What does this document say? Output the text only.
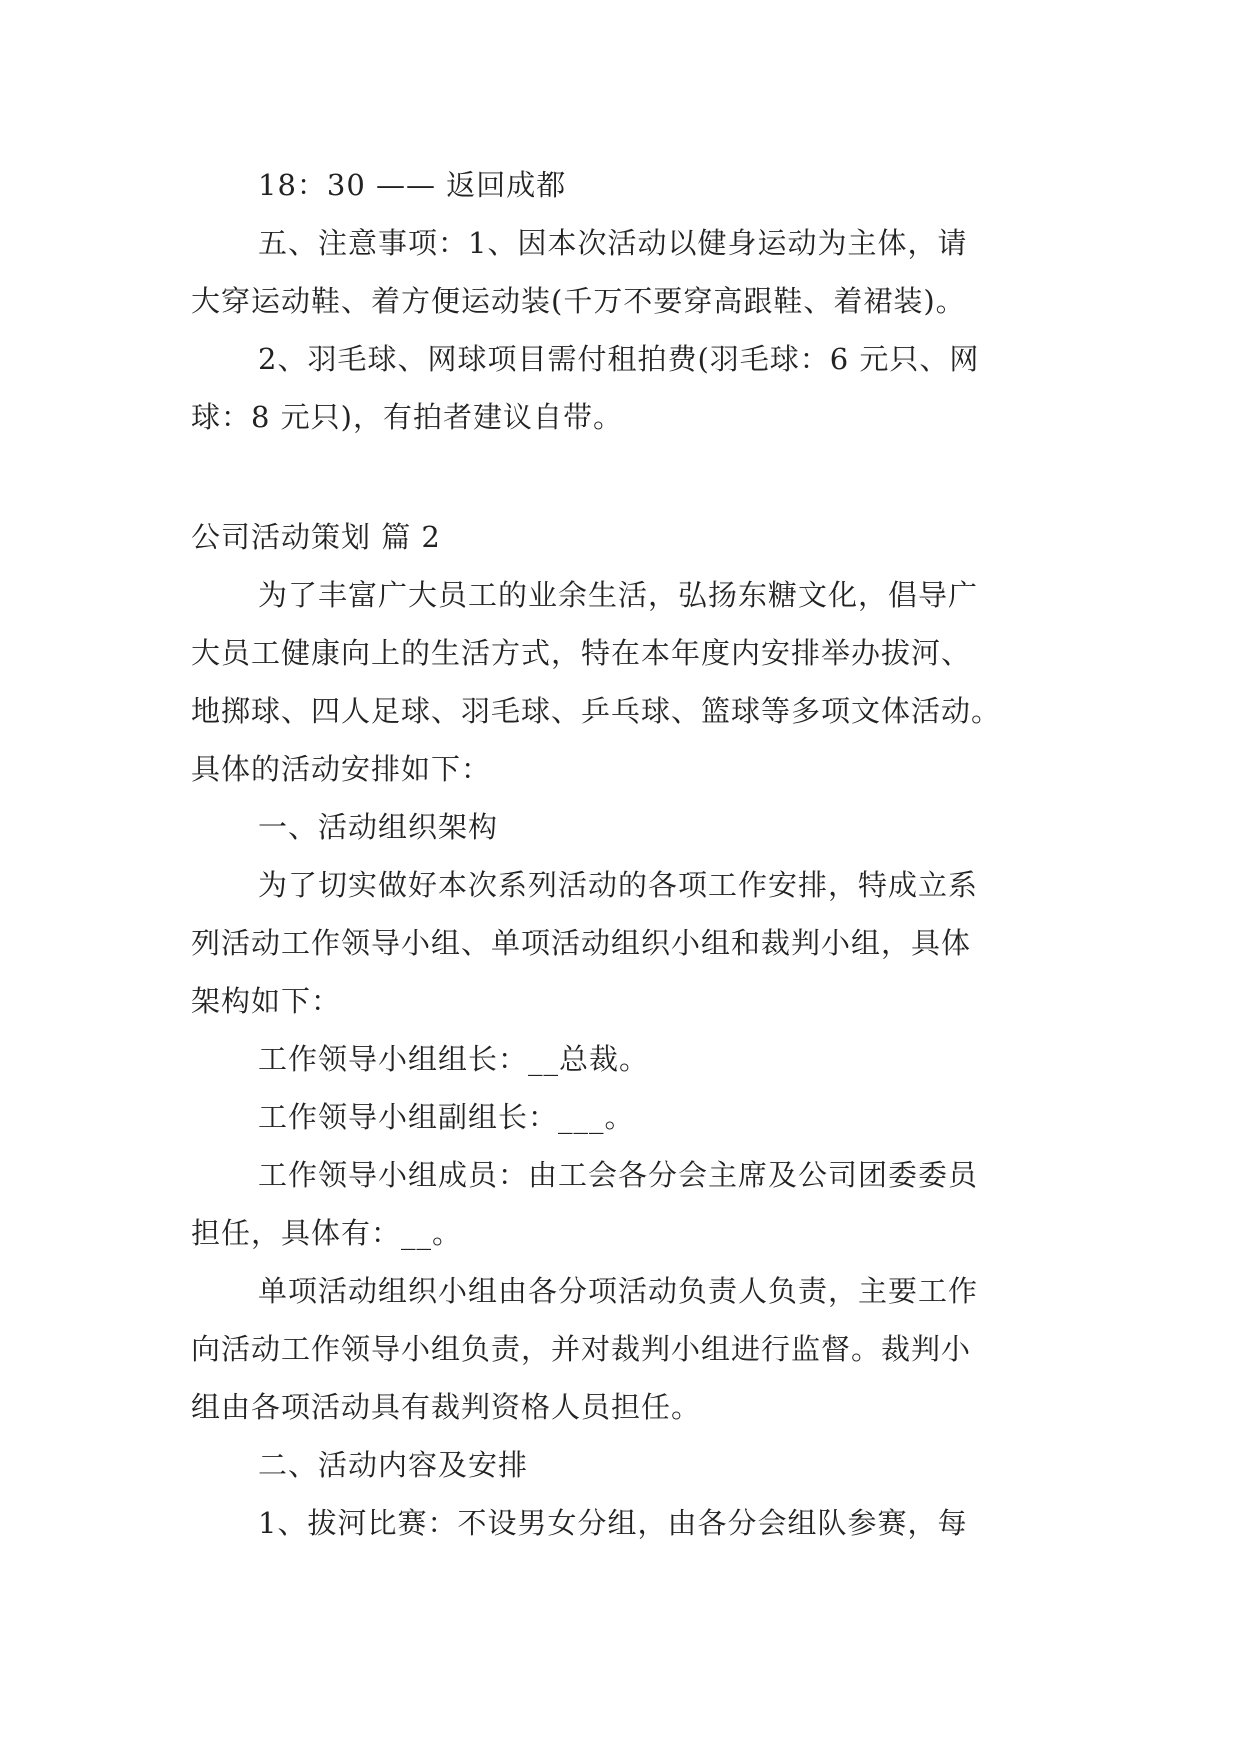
18：30 —— 返回成都

五、注意事项：1、因本次活动以健身运动为主体，请

大穿运动鞋、着方便运动装(千万不要穿高跟鞋、着裙装)。

2、羽毛球、网球项目需付租拍费(羽毛球：6 元只、网

球：8 元只)，有拍者建议自带。

公司活动策划 篇 2

为了丰富广大员工的业余生活，弘扬东糖文化，倡导广

大员工健康向上的生活方式，特在本年度内安排举办拔河、

地掷球、四人足球、羽毛球、乒乓球、篮球等多项文体活动。

具体的活动安排如下：

一、活动组织架构

为了切实做好本次系列活动的各项工作安排，特成立系

列活动工作领导小组、单项活动组织小组和裁判小组，具体

架构如下：

工作领导小组组长：__总裁。

工作领导小组副组长：___。

工作领导小组成员：由工会各分会主席及公司团委委员

担任，具体有：__。

单项活动组织小组由各分项活动负责人负责，主要工作

向活动工作领导小组负责，并对裁判小组进行监督。裁判小

组由各项活动具有裁判资格人员担任。

二、活动内容及安排

1、拔河比赛：不设男女分组，由各分会组队参赛，每
